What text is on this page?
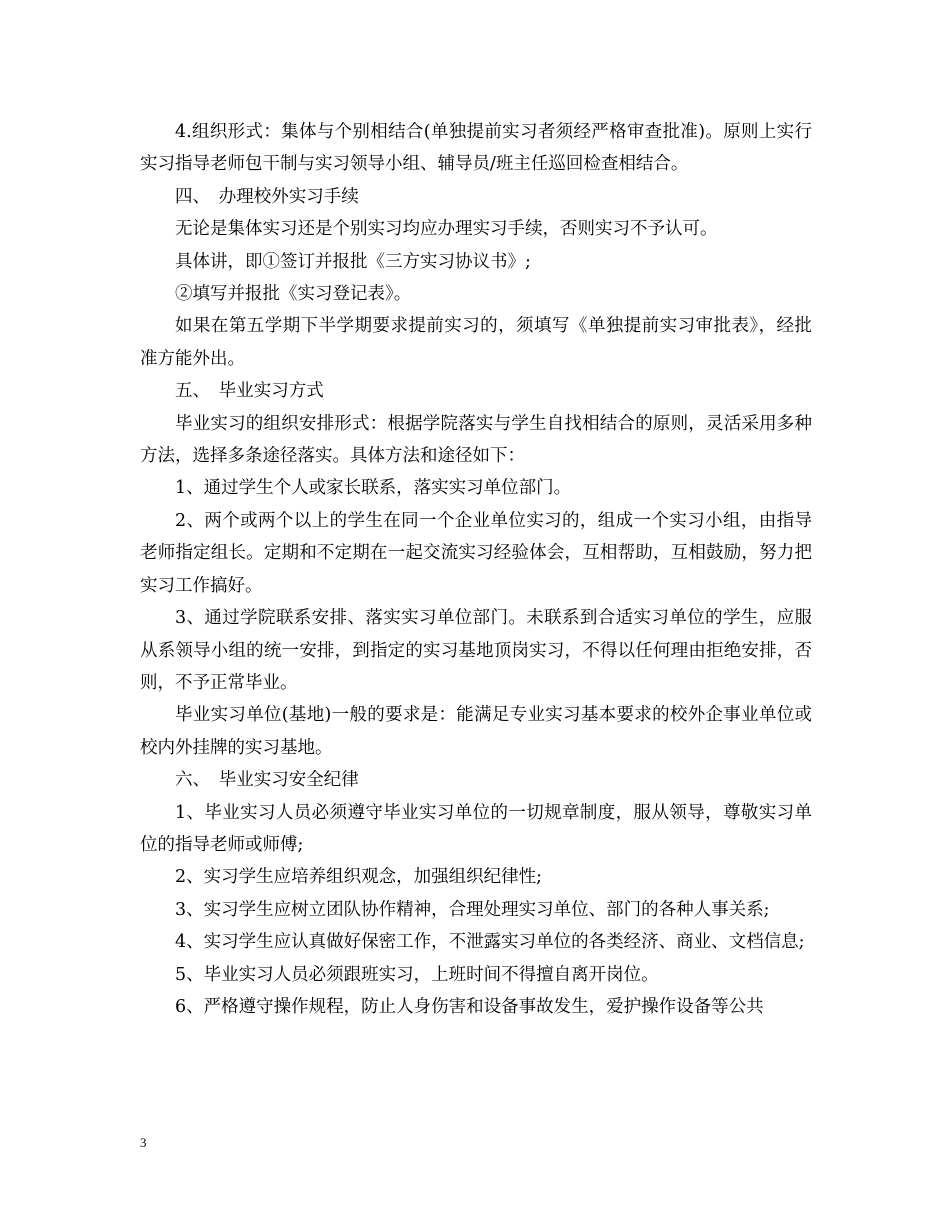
4.组织形式：集体与个别相结合(单独提前实习者须经严格审查批准)。原则上实行实习指导老师包干制与实习领导小组、辅导员/班主任巡回检查相结合。

四、　办理校外实习手续

无论是集体实习还是个别实习均应办理实习手续，否则实习不予认可。

具体讲，即①签订并报批《三方实习协议书》;

②填写并报批《实习登记表》。

如果在第五学期下半学期要求提前实习的，须填写《单独提前实习审批表》，经批准方能外出。

五、　毕业实习方式

毕业实习的组织安排形式：根据学院落实与学生自找相结合的原则，灵活采用多种方法，选择多条途径落实。具体方法和途径如下：

1、通过学生个人或家长联系，落实实习单位部门。

2、两个或两个以上的学生在同一个企业单位实习的，组成一个实习小组，由指导老师指定组长。定期和不定期在一起交流实习经验体会，互相帮助，互相鼓励，努力把实习工作搞好。

3、通过学院联系安排、落实实习单位部门。未联系到合适实习单位的学生，应服从系领导小组的统一安排，到指定的实习基地顶岗实习，不得以任何理由拒绝安排，否则，不予正常毕业。

毕业实习单位(基地)一般的要求是：能满足专业实习基本要求的校外企事业单位或校内外挂牌的实习基地。

六、　毕业实习安全纪律

1、毕业实习人员必须遵守毕业实习单位的一切规章制度，服从领导，尊敬实习单位的指导老师或师傅;

2、实习学生应培养组织观念，加强组织纪律性;

3、实习学生应树立团队协作精神，合理处理实习单位、部门的各种人事关系;

4、实习学生应认真做好保密工作，不泄露实习单位的各类经济、商业、文档信息;

5、毕业实习人员必须跟班实习，上班时间不得擅自离开岗位。

6、严格遵守操作规程，防止人身伤害和设备事故发生，爱护操作设备等公共

3
